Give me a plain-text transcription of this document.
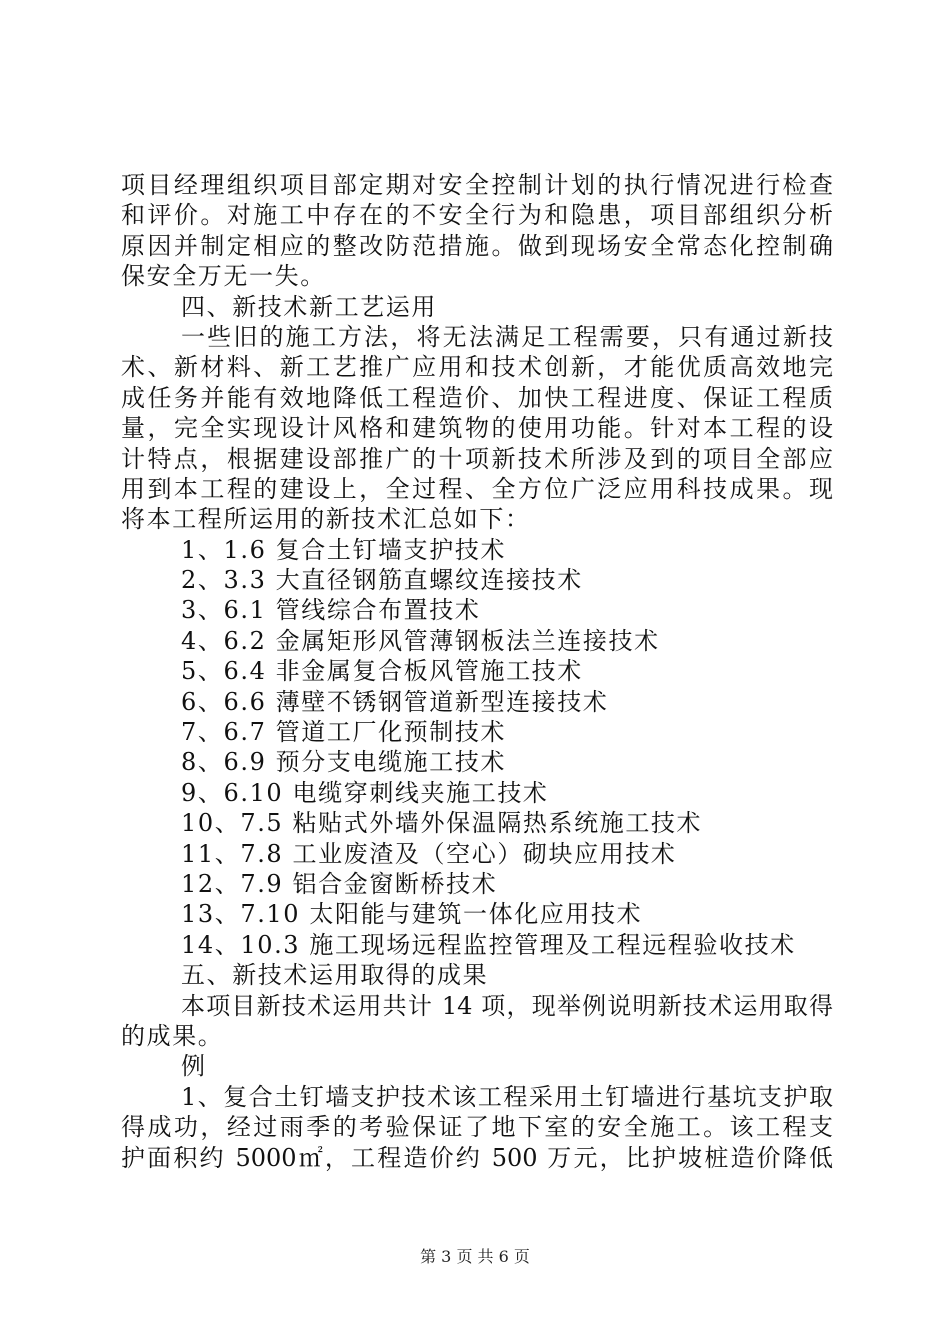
项目经理组织项目部定期对安全控制计划的执行情况进行检查
和评价。对施工中存在的不安全行为和隐患，项目部组织分析
原因并制定相应的整改防范措施。做到现场安全常态化控制确
保安全万无一失。
四、新技术新工艺运用
一些旧的施工方法，将无法满足工程需要，只有通过新技
术、新材料、新工艺推广应用和技术创新，才能优质高效地完
成任务并能有效地降低工程造价、加快工程进度、保证工程质
量，完全实现设计风格和建筑物的使用功能。针对本工程的设
计特点，根据建设部推广的十项新技术所涉及到的项目全部应
用到本工程的建设上，全过程、全方位广泛应用科技成果。现
将本工程所运用的新技术汇总如下：
1、1.6 复合土钉墙支护技术
2、3.3 大直径钢筋直螺纹连接技术
3、6.1 管线综合布置技术
4、6.2 金属矩形风管薄钢板法兰连接技术
5、6.4 非金属复合板风管施工技术
6、6.6 薄壁不锈钢管道新型连接技术
7、6.7 管道工厂化预制技术
8、6.9 预分支电缆施工技术
9、6.10 电缆穿刺线夹施工技术
10、7.5 粘贴式外墙外保温隔热系统施工技术
11、7.8 工业废渣及（空心）砌块应用技术
12、7.9 铝合金窗断桥技术
13、7.10 太阳能与建筑一体化应用技术
14、10.3 施工现场远程监控管理及工程远程验收技术
五、新技术运用取得的成果
本项目新技术运用共计 14 项，现举例说明新技术运用取得
的成果。
例
1、复合土钉墙支护技术该工程采用土钉墙进行基坑支护取
得成功，经过雨季的考验保证了地下室的安全施工。该工程支
护面积约 5000㎡，工程造价约 500 万元，比护坡桩造价降低
第 3 页 共 6 页
